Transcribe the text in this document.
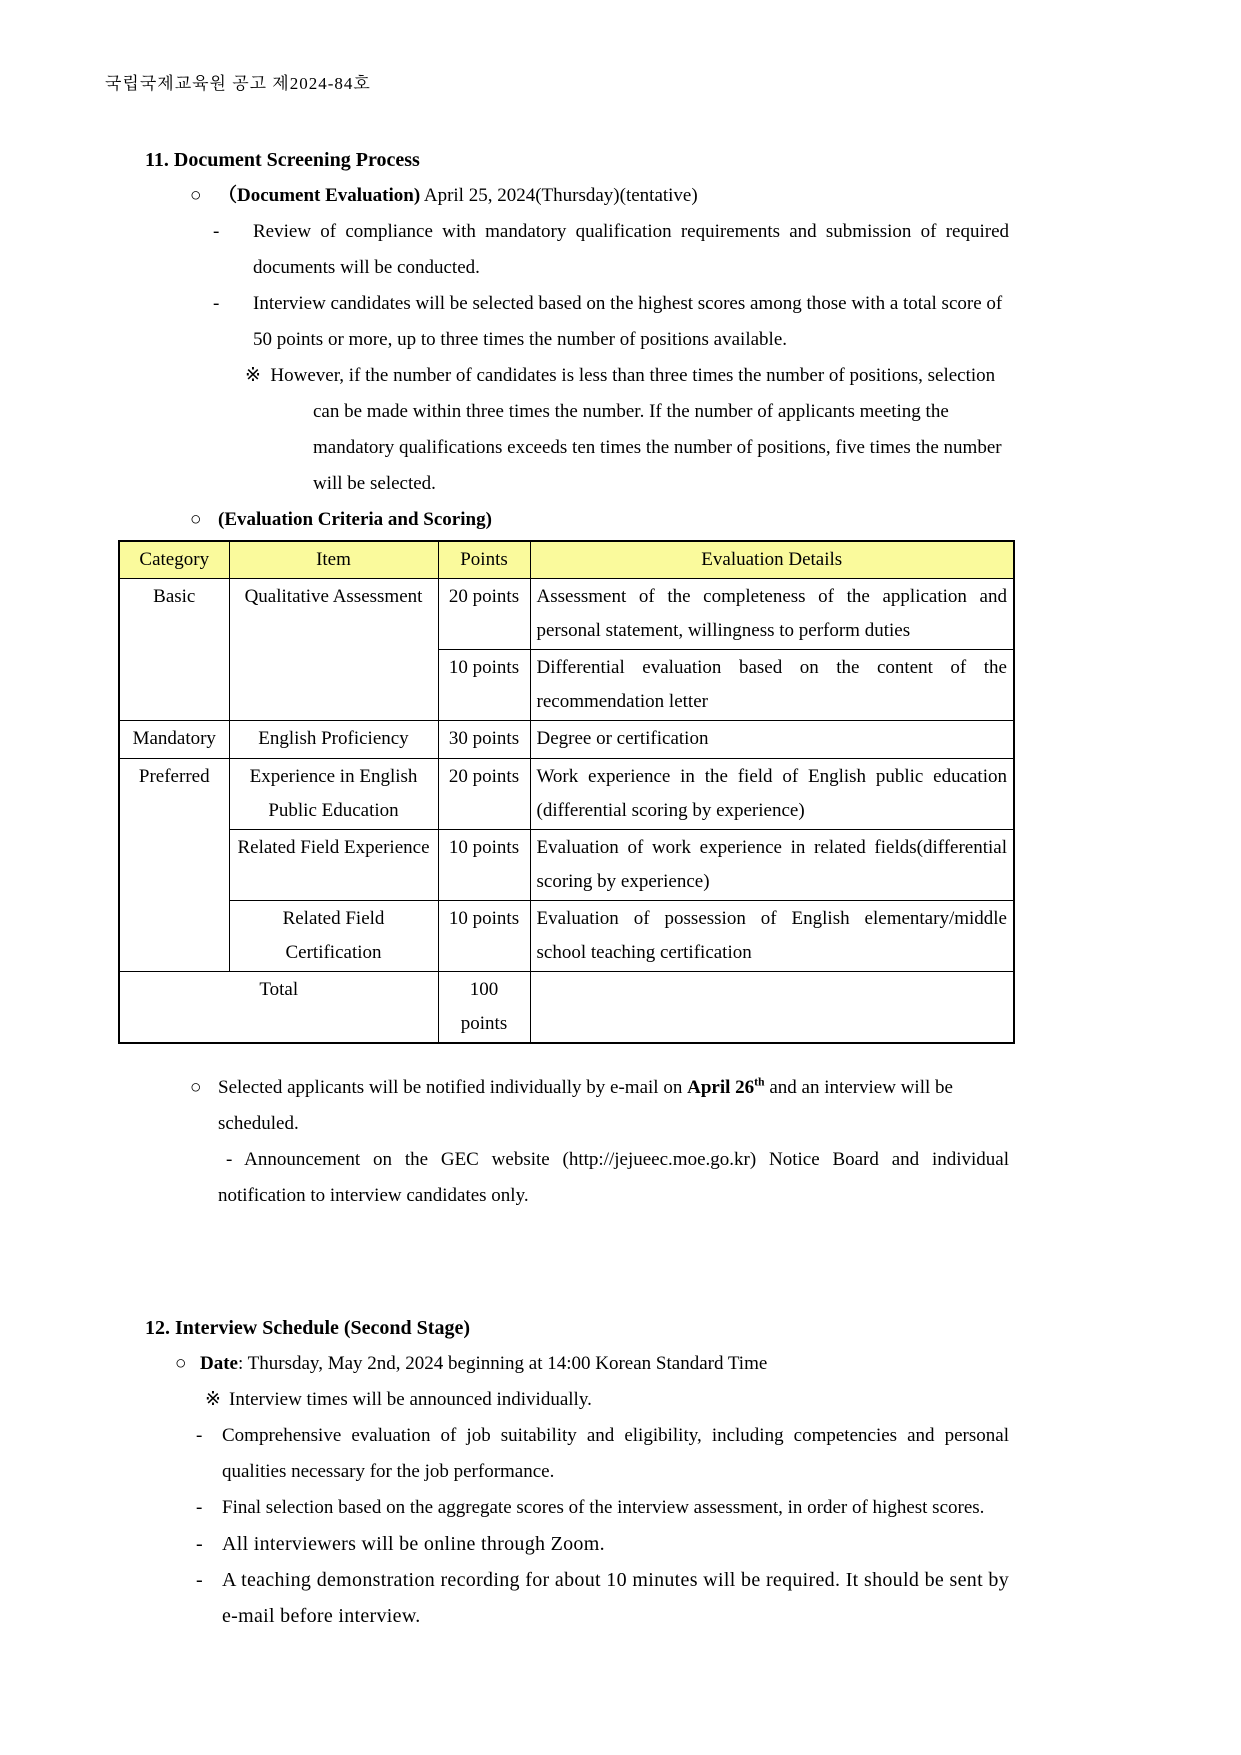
국립국제교육원 공고 제2024-84호
11. Document Screening Process
○ （Document Evaluation) April 25, 2024(Thursday)(tentative)
-	Review of compliance with mandatory qualification requirements and submission of required documents will be conducted.
-	Interview candidates will be selected based on the highest scores among those with a total score of 50 points or more, up to three times the number of positions available.
※ However, if the number of candidates is less than three times the number of positions, selection can be made within three times the number. If the number of applicants meeting the mandatory qualifications exceeds ten times the number of positions, five times the number will be selected.
○ (Evaluation Criteria and Scoring)
Category	Item	Points	Evaluation Details
Basic	Qualitative Assessment	20 points	Assessment of the completeness of the application and personal statement, willingness to perform duties
		10 points	Differential evaluation based on the content of the recommendation letter
Mandatory	English Proficiency	30 points	Degree or certification
Preferred	Experience in English Public Education	20 points	Work experience in the field of English public education (differential scoring by experience)
	Related Field Experience	10 points	Evaluation of work experience in related fields(differential scoring by experience)
	Related Field Certification	10 points	Evaluation of possession of English elementary/middle school teaching certification
Total		100 points	
○ Selected applicants will be notified individually by e-mail on April 26th and an interview will be scheduled.
- Announcement on the GEC website (http://jejueec.moe.go.kr) Notice Board and individual notification to interview candidates only.
12. Interview Schedule (Second Stage)
○ Date: Thursday, May 2nd, 2024 beginning at 14:00 Korean Standard Time
※ Interview times will be announced individually.
-	Comprehensive evaluation of job suitability and eligibility, including competencies and personal qualities necessary for the job performance.
-	Final selection based on the aggregate scores of the interview assessment, in order of highest scores.
- All interviewers will be online through Zoom.
- A teaching demonstration recording for about 10 minutes will be required. It should be sent by e-mail before interview.
